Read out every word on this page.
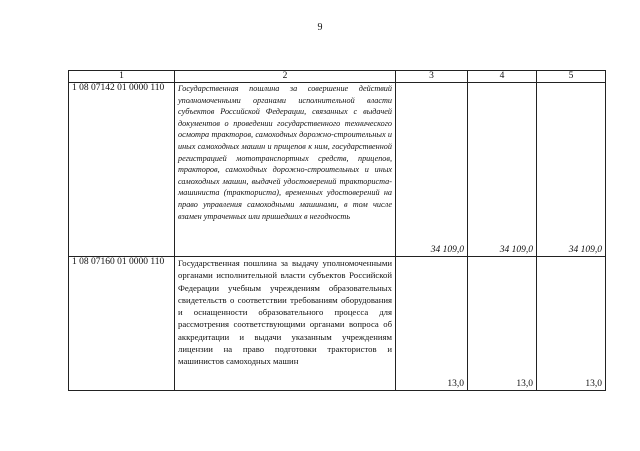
9
1	2	3	4	5
1 08 07142 01 0000 110	Государственная пошлина за совершение действий уполномоченными органами исполнительной власти субъектов Российской Федерации, связанных с выдачей документов о проведении государственного технического осмотра тракторов, самоходных дорожно-строительных и иных самоходных машин и прицепов к ним, государственной регистрацией мототранспортных средств, прицепов, тракторов, самоходных дорожно-строительных и иных самоходных машин, выдачей удостоверений тракториста-машиниста (тракториста), временных удостоверений на право управления самоходными машинами, в том числе взамен утраченных или пришедших в негодность	34 109,0	34 109,0	34 109,0
1 08 07160 01 0000 110	Государственная пошлина за выдачу уполномоченными органами исполнительной власти субъектов Российской Федерации учебным учреждениям образовательных свидетельств о соответствии требованиям оборудования и оснащенности образовательного процесса для рассмотрения соответствующими органами вопроса об аккредитации и выдачи указанным учреждениям лицензии на право подготовки трактористов и машинистов самоходных машин	13,0	13,0	13,0
